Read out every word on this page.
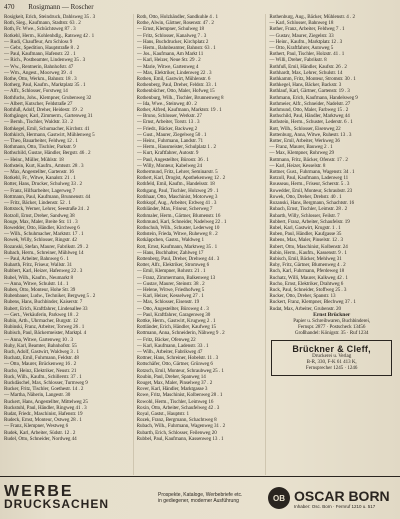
470 Rosigmann — Roscher
Rosigkeit, Erich, Steindruck, Dahlsweg 35 . 3
Roth, Sieg., Kaufmann, Stadtstr. 63 . 2
Roth, Fr. Wwe., Schüchtsweg 87 . 3
Rotkehl, Herm., Kohlenhdlg., Ratsweg 42 . 1
— Rudi, Chauffeur, Am Schloss 9
— Gebr., Spedition, Hauptstraße 8 . 2
— Paul, Kaufmann, Hafenstr. 22 . 1
— Rich., Postbeamter, Lindenweg 35 . 3
— Ww., Rentnerin, Bahnhofstr. 47
— Wm., Angest., Moorweg 39 . 4
Rothe, Otto, Werkm., Bahnstr. 18 . 3
Rotherg, Paul, Kaufm., Marktplatz 35 . 1
— Alfr., Schlosser, Forstweg 14
Rothfuchs, Johs., Klempner, Grubenweg 32
— Albert, Kutscher, Feldstraße 27
Rothfuß, Adolf, Dreher, Heidestr. 19 . 2
Rothgänger, Karl, Zimmerm., Gartenweg 31
— Bernh., Tischler, Waldstr. 33 . 2
Rothkegel, Emil, Schumacher, Kirchstr. 41
Rothkirch, Hermann, Gastwirt, Mühlenweg 5
— Theo, Bauarbeiter, Feldweg 12 . 1
Rothmann, Otto, Tischler, Parkstr. 9
Rothschild, Gustav, Händler, Bergstr. 46 . 2
— Heinr., Müller, Mühlstr. 18
Rothstein, Kurt, Kaufm., Amtsstr. 28 . 3
— Max, Angestellter, Gartenstr. 16
Rotkehl, Fr., Witwe, Kanalstr. 21 . 1
Rotter, Hans, Drucker, Schulweg 33 . 2
— Franz, Hilfsarbeiter, Lagerweg 7
Rottmann, Paul, Kaufmann, Brunnenstr. 44
— Fritz, Bäcker, Lindenstr. 52 . 1
Rottstock, Werner, Lehrer, Seestraße 24 . 2
Rotzoll, Ernst, Dreher, Sandweg 38
Rouge, Max, Maler, Breite Str. 11 . 3
Rowedder, Otto, Händler, Kirchweg 6
— Wilh., Schuhmacher, Marktstr. 17 . 1
Rowek, Willy, Schlosser, Ringstr. 42
Rozanski, Stefan, Maurer, Fabrikstr. 29 . 2
Rubach, Herm., Schreiner, Mühlweg 14
— Paul, Arbeiter, Bahnweg 6 . 1
Rubarth, Fritz, Friseur, Wallstr. 31
Rubbert, Karl, Heizer, Hafenweg 22 . 3
Rubel, Wilh., Kaufm., Neumarkt 8
— Anna, Witwe, Schulstr. 14 . 1
Ruben, Otto, Monteur, Hohe Str. 39
Rubenbauer, Ludw., Techniker, Bergweg 5 . 2
Rubens, Hans, Buchbinder, Kaiserstr. 7
Rubert, Erich, Kraftfahrer, Lindenallee 33
— Gert., Verkäuferin, Parkweg 18 . 2
Rubin, Arth., Uhrmacher, Burgstr. 12
Rubinski, Franz, Arbeiter, Torweg 26 . 1
Rubisch, Paul, Bäckermeister, Marktpl. 4
— Anna, Witwe, Gartenweg 10 . 3
Ruby, Karl, Beamter, Bahnhofstr. 55
Ruch, Adolf, Gastwirt, Waldweg 3 . 1
Ruchatz, Emil, Fuhrmann, Feldstr. 48
— Otto, Maurer, Brückenweg 16 . 2
Rucho, Heinz, Elektriker, Neustr. 21
Ruck, Wilh., Kaufm., Schillerstr. 37 . 1
Ruckdäschel, Max, Schlosser, Turmweg 9
Rucker, Fritz, Tischler, Goethestr. 14 . 2
— Martha, Näherin, Langestr. 30
Ruckert, Hans, Angestellter, Mittelweg 25
Ruckstuhl, Paul, Händler, Ringweg 41 . 3
Rudat, Friedr., Maschinist, Hafenstr. 19
Rudeck, Ernst, Monteur, Ostweg 28 . 1
— Franz, Klempner, Westweg 6
Rudek, Karl, Arbeiter, Südstr. 12 . 2
Rudel, Otto, Schneider, Nordweg 44
Roth, Otto, Holzhändler, Sandkuhle 4 . 1
Rothe, Alwin, Gärtner, Rosenstr. 47 . 2
— Ernst, Klempner, Schulweg 18
— Fritz, Schlosser, Kanalweg 7 . 3
— Hans, Buchdrucker, Kirchplatz 2
— Herm., Bahnbeamter, Bahnstr. 63 . 1
— Jos., Kaufmann, Am Markt 11
— Karl, Heizer, Neue Str. 29 . 2
— Marie, Witwe, Gartenweg 4
— Max, Elektriker, Lindenweg 22 . 3
Rothen, Emil, Gastwirt, Mühlenstr. 6
Rothenberg, Paul, Dreher, Feldstr. 33 . 1
Rothenbücher, Otto, Maler, Hofweg 15
Rothenburg, Wilh., Tischler, Brunnenweg 8
— Ida, Wwe., Steinweg 40 . 2
Rother, Alfred, Kaufmann, Marktstr. 19 . 1
— Bruno, Schlosser, Werkstr. 27
— Ernst, Arbeiter, Torstr. 13 . 3
— Friedr., Bäcker, Backweg 2
— Gust., Maurer, Ziegelweg 50 . 1
— Heinr., Fuhrmann, Landstr. 71
— Herm., Hausmeister, Schulplatz 1 . 2
— Kurt, Kraftfahrer, Autostr. 9
— Paul, Angestellter, Bürostr. 36 . 1
— Willy, Monteur, Kabelweg 24
Rothermund, Fritz, Lehrer, Seminarstr. 5
Rothert, Karl, Drogist, Apothekenweg 12 . 2
Rothfeld, Emil, Kaufm., Handelsstr. 18
Rothgang, Paul, Tischler, Holzweg 29 . 1
Rothhaar, Otto, Maschinist, Motorweg 3
Rothkopf, Aug., Arbeiter, Erdweg 41 . 3
Rothländer, Max, Friseur, Scherweg 7
Rothmaler, Herm., Gärtner, Blumenstr. 16
Rothmund, Karl, Schneider, Nadelweg 22 . 1
Rothschuh, Wilh., Schuster, Lederweg 10
Rothstein, Frieda, Witwe, Ruheweg 8 . 2
Rotkäppchen, Gastst., Waldweg 1
Rott, Ernst, Kaufmann, Marktweg 35 . 1
— Hans, Buchhalter, Zahlweg 17
Rottenberg, Paul, Dreher, Drehweg 44 . 3
Rotter, Alfr., Elektriker, Stromweg 6
— Emil, Klempner, Rohrstr. 21 . 1
— Franz, Zimmermann, Balkenweg 13
— Gustav, Maurer, Steinstr. 38 . 2
— Helene, Witwe, Friedhofweg 5
— Karl, Heizer, Kesselweg 27 . 1
— Max, Schlosser, Eisenstr. 19
— Otto, Angestellter, Büroweg 4 . 3
— Paul, Kraftfahrer, Garagenweg 30
Rottke, Herm., Gastwirt, Krugweg 2 . 1
Rottländer, Erich, Händler, Kaufweg 15
Rottmann, Anna, Schneiderin, Nähweg 9 . 2
— Fritz, Bäcker, Ofenweg 22
— Karl, Kaufmann, Ladenstr. 33 . 1
— Wilh., Arbeiter, Fabrikweg 47
Rottner, Hans, Schreiner, Hobelstr. 11 . 3
Rottschäfer, Otto, Gärtner, Grünweg 6
Rotzsch, Emil, Monteur, Schraubweg 25 . 1
Roubin, Paul, Dreher, Spanweg 14
Rouget, Max, Maler, Pinselweg 37 . 2
Rover, Karl, Händler, Marktgasse 3
Rowe, Fritz, Maschinist, Kolbenweg 28 . 1
Rowohl, Herm., Tischler, Leimweg 16
Roxin, Otto, Arbeiter, Schaufelweg 42 . 3
Royal, Gastst., Hauptstr. 1
Rozek, Franz, Bergmann, Schachtweg 8
Rubach, Wilh., Fuhrmann, Wagenweg 31 . 2
Rubarth, Erich, Schlosser, Feilenweg 20
Rubbel, Paul, Kaufmann, Kassenweg 13 . 1
Rothenburg, Aug., Bäcker, Mühlenstr. 4 . 2
— Karl, Schlosser, Bahnweg 18
Rother, Franz, Arbeiter, Feldweg 7 . 1
— Gustav, Maurer, Ziegelstr. 33
— Heinr., Kaufm., Marktplatz 12 . 3
— Otto, Kraftfahrer, Autoweg 5
Rothert, Paul, Tischler, Holzstr. 41 . 1
— Willi, Dreher, Fabrikstr. 8
Rothfuß, Emil, Händler, Kaufstr. 26 . 2
Rothhardt, Max, Lehrer, Schulstr. 14
Rothkamm, Fritz, Monteur, Stromstr. 30 . 1
Rothkegel, Hans, Bäcker, Backstr. 3
Rothlauf, Karl, Gärtner, Gartenstr. 19 . 3
Rothmann, Erich, Kaufmann, Handelsweg 9
Rothmeier, Alfr., Schneider, Nadelstr. 27
Rothmund, Otto, Maler, Farbweg 15 . 2
Rothschild, Paul, Händler, Marktweg 44
Rothstein, Herm., Schuster, Lederstr. 6 . 1
Rott, Wilh., Schlosser, Eisenweg 22
Rottenburg, Anna, Witwe, Ruhestr. 13 . 3
Rotter, Emil, Arbeiter, Werkweg 36
— Franz, Maurer, Bauweg 2 . 1
— Max, Klempner, Rohrweg 29
Rottmann, Fritz, Bäcker, Ofenstr. 17 . 2
— Karl, Heizer, Kesselstr. 8
Rottner, Gust., Fuhrmann, Wagenstr. 34 . 1
Rotzoll, Paul, Kaufmann, Ladenweg 11
Rousseau, Herm., Friseur, Scherstr. 5 . 3
Rowedder, Emil, Monteur, Schraubstr. 23
Rowek, Otto, Dreher, Drehstr. 40 . 1
Rozanski, Hans, Bergmann, Schachtstr. 16
Rubach, Ernst, Tischler, Leimstr. 28 . 2
Rubarth, Willy, Schlosser, Feilstr. 7
Rubbert, Franz, Arbeiter, Schaufelstr. 19
Rubel, Karl, Gastwirt, Krugstr. 1 . 1
Ruben, Paul, Händler, Kaufgasse 35
Rubens, Max, Maler, Pinselstr. 12 . 3
Rubert, Otto, Maschinist, Kolbenstr. 24
Rubin, Herm., Kaufm., Kassenstr. 9 . 1
Rubisch, Emil, Bäcker, Mehlweg 31
Ruby, Fritz, Gärtner, Blumenweg 4 . 2
Ruch, Karl, Fuhrmann, Pferdeweg 18
Ruchatz, Willi, Maurer, Kalkweg 42 . 1
Rucho, Ernst, Elektriker, Drahtweg 6
Ruck, Paul, Schneider, Stoffweg 25 . 3
Rucker, Otto, Dreher, Spanstr. 13
Ruckert, Franz, Klempner, Blechweg 37 . 1
Rudat, Max, Arbeiter, Grubenstr. 20
Ernst Brückner
Papier u. Schreibwaren, Buchbinderei,
Fernspr. 2877 · Postscheck 13456
Großhandel: Königstr. 35 · Ruf 1234
Brückner & Cleff,
Druckerei u. Verlag
B-R, 330, F-K 61 413 K,
Fernsprecher 1245 · 1246
WERBE
DRUCKSACHEN
Prospekte, Kataloge, Werbebriefe etc.
in gediegener, moderner Ausführung	OB OSCAR BORN
Inhaber: Osc. Born · Fernruf 1210 u. 517
